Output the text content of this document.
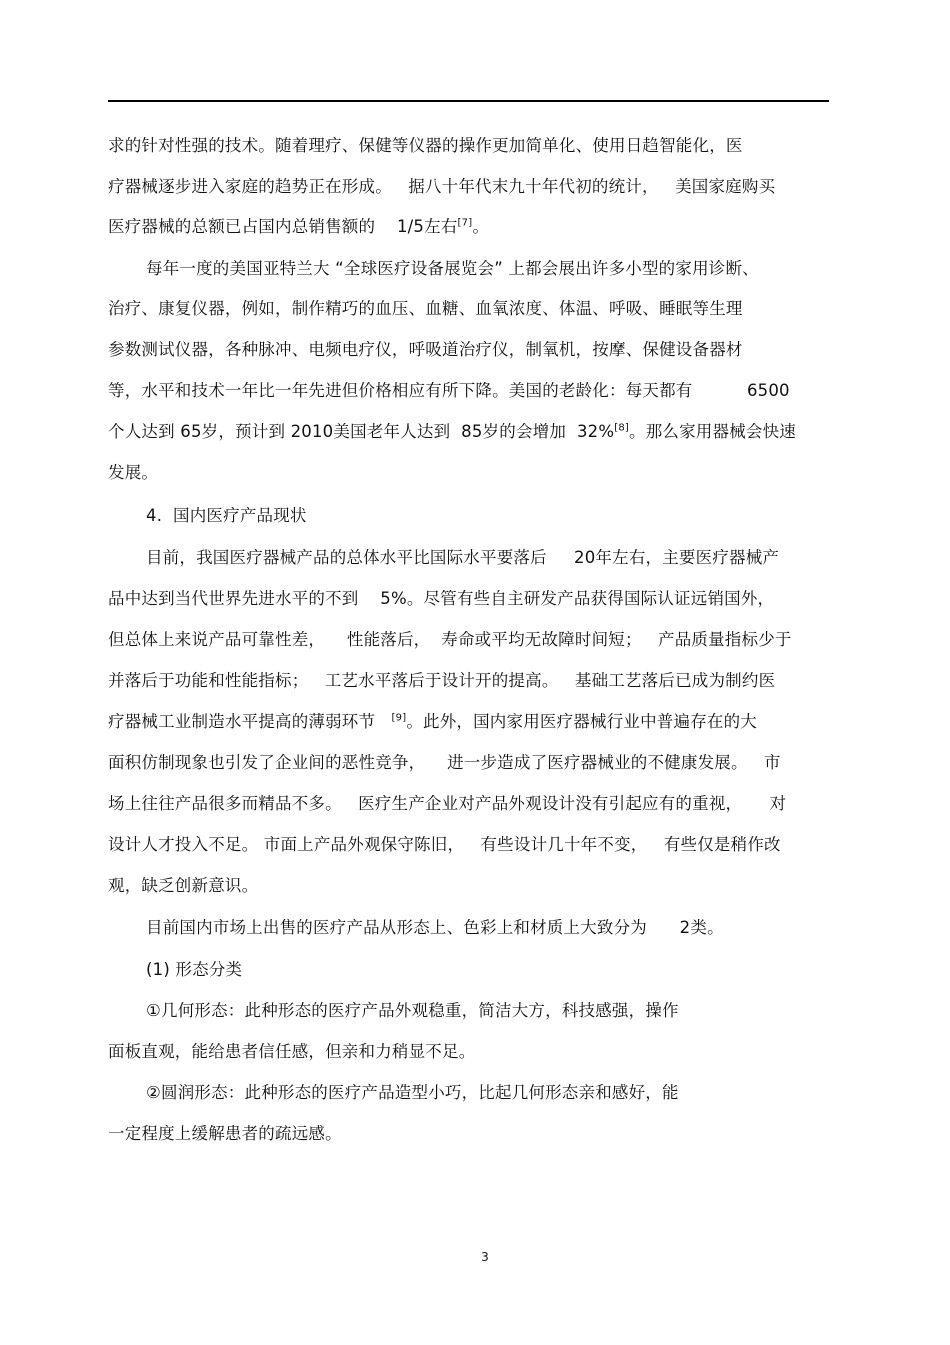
求的针对性强的技术。随着理疗、保健等仪器的操作更加简单化、使用日趋智能化，医

疗器械逐步进入家庭的趋势正在形成。   据八十年代末九十年代初的统计，   美国家庭购买

医疗器械的总额已占国内总销售额的    1/5左右[7]。

每年一度的美国亚特兰大 “全球医疗设备展览会” 上都会展出许多小型的家用诊断、

治疗、康复仪器，例如，制作精巧的血压、血糖、血氧浓度、体温、呼吸、睡眠等生理

参数测试仪器，各种脉冲、电频电疗仪，呼吸道治疗仪，制氧机，按摩、保健设备器材

等，水平和技术一年比一年先进但价格相应有所下降。美国的老龄化：每天都有          6500

个人达到 65岁，预计到 2010美国老年人达到  85岁的会增加  32%[8]。那么家用器械会快速

发展。

4.  国内医疗产品现状

目前，我国医疗器械产品的总体水平比国际水平要落后     20年左右，主要医疗器械产

品中达到当代世界先进水平的不到    5%。尽管有些自主研发产品获得国际认证远销国外，

但总体上来说产品可靠性差，    性能落后，  寿命或平均无故障时间短；   产品质量指标少于

并落后于功能和性能指标；   工艺水平落后于设计开的提高。   基础工艺落后已成为制约医

疗器械工业制造水平提高的薄弱环节   [9]。此外，国内家用医疗器械行业中普遍存在的大

面积仿制现象也引发了企业间的恶性竞争，    进一步造成了医疗器械业的不健康发展。   市

场上往往产品很多而精品不多。   医疗生产企业对产品外观设计没有引起应有的重视，     对

设计人才投入不足。 市面上产品外观保守陈旧，   有些设计几十年不变，   有些仅是稍作改

观，缺乏创新意识。

目前国内市场上出售的医疗产品从形态上、色彩上和材质上大致分为      2类。

(1) 形态分类

①几何形态：此种形态的医疗产品外观稳重，简洁大方，科技感强，操作

面板直观，能给患者信任感，但亲和力稍显不足。

②圆润形态：此种形态的医疗产品造型小巧，比起几何形态亲和感好，能

一定程度上缓解患者的疏远感。

3
